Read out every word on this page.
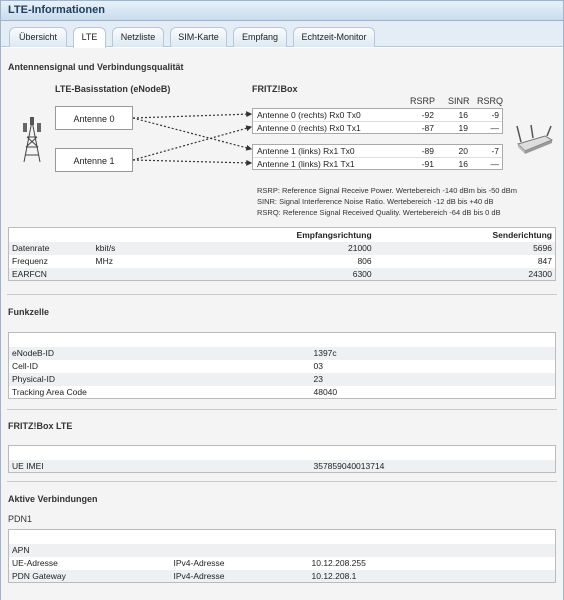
LTE-Informationen
Übersicht	LTE	Netzliste	SIM-Karte	Empfang	Echtzeit-Monitor
Antennensignal und Verbindungsqualität
LTE-Basisstation (eNodeB)	FRITZ!Box
RSRP SINR RSRQ
Antenne 0
Antenne 1
Antenne 0 (rechts) Rx0 Tx0	-92	16	-9
Antenne 0 (rechts) Rx0 Tx1	-87	19	—
Antenne 1 (links) Rx1 Tx0	-89	20	-7
Antenne 1 (links) Rx1 Tx1	-91	16	—
RSRP: Reference Signal Receive Power. Wertebereich -140 dBm bis -50 dBm
SINR: Signal Interference Noise Ratio. Wertebereich -12 dB bis +40 dB
RSRQ: Reference Signal Received Quality. Wertebereich -64 dB bis 0 dB
		Empfangsrichtung	Senderichtung
Datenrate	kbit/s	21000	5696
Frequenz	MHz	806	847
EARFCN		6300	24300
Funkzelle

eNodeB-ID	1397c
Cell-ID	03
Physical-ID	23
Tracking Area Code	48040
FRITZ!Box LTE

UE IMEI	357859040013714
Aktive Verbindungen
PDN1

APN		
UE-Adresse	IPv4-Adresse	10.12.208.255
PDN Gateway	IPv4-Adresse	10.12.208.1
